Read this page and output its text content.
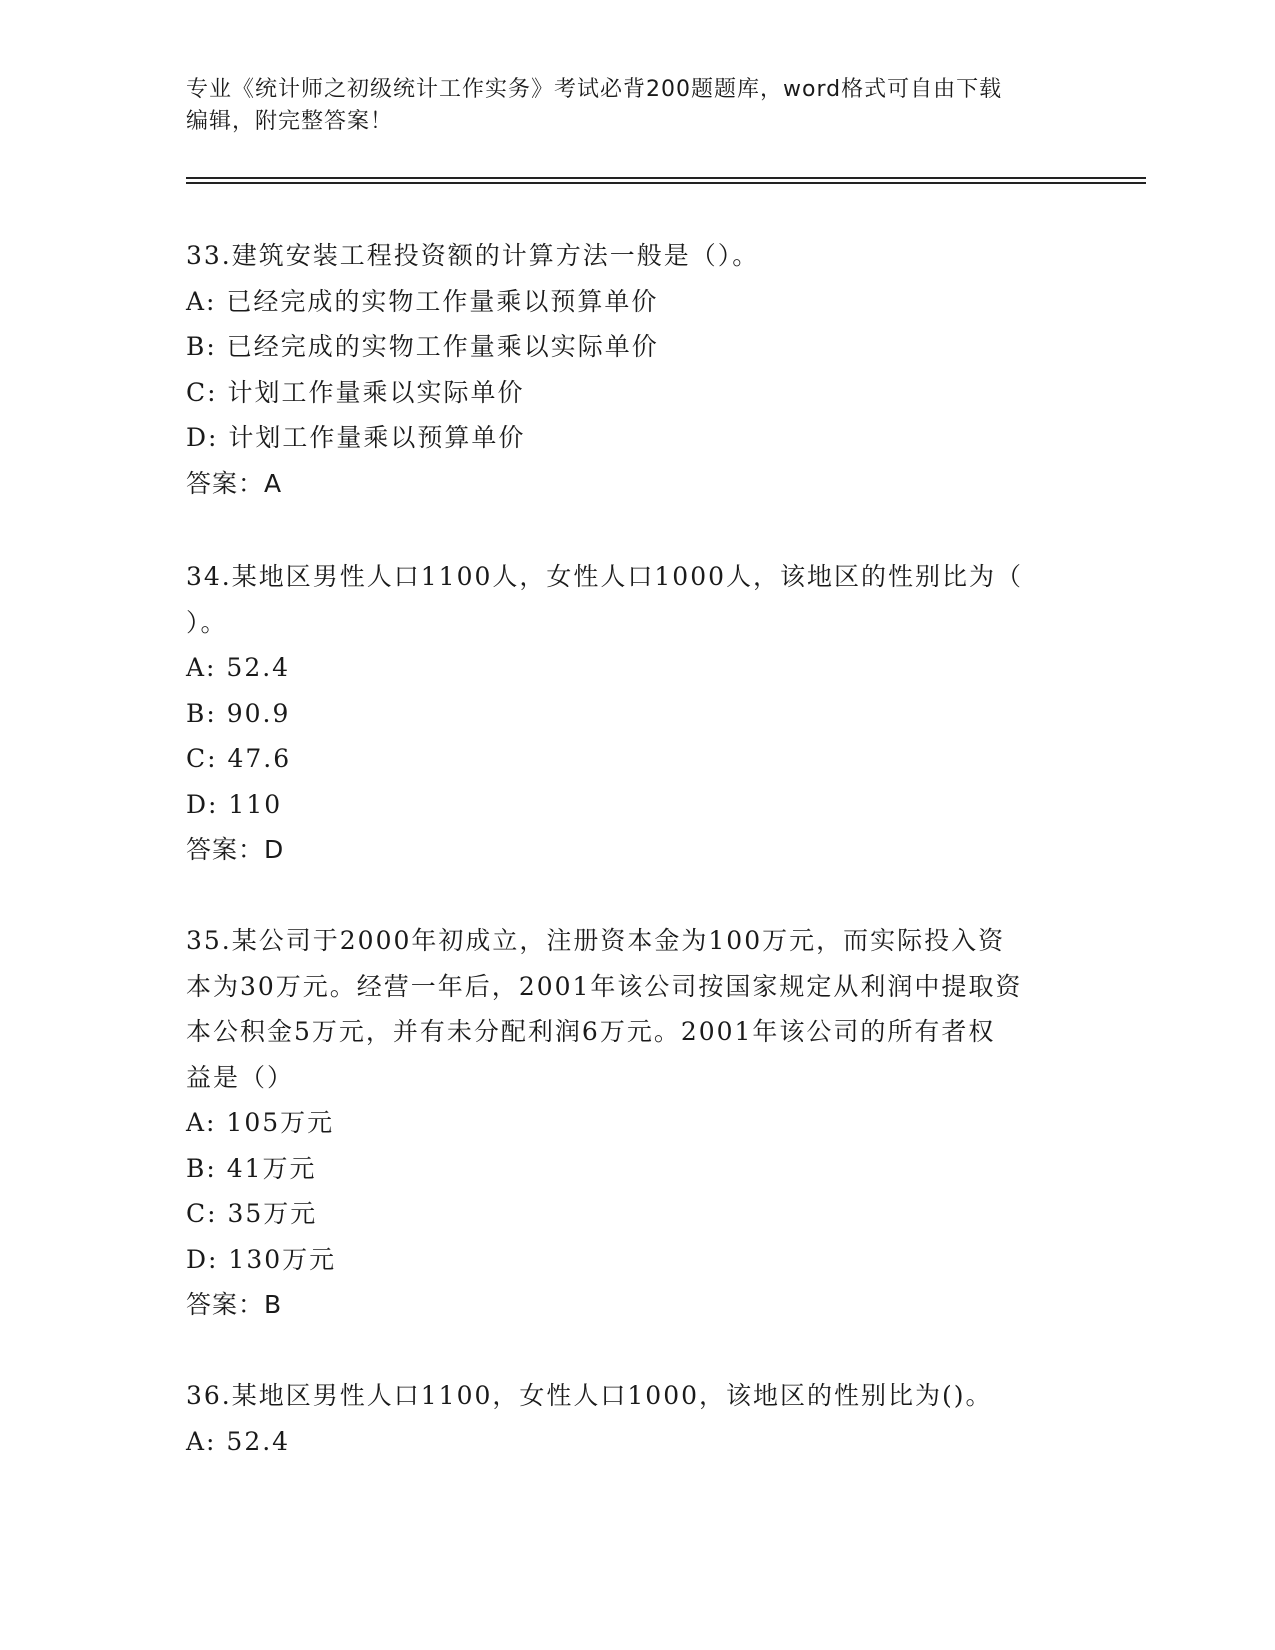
专业《统计师之初级统计工作实务》考试必背200题题库，word格式可自由下载
编辑，附完整答案！
33.建筑安装工程投资额的计算方法一般是（）。
A: 已经完成的实物工作量乘以预算单价
B: 已经完成的实物工作量乘以实际单价
C: 计划工作量乘以实际单价
D: 计划工作量乘以预算单价
答案：A
34.某地区男性人口1100人，女性人口1000人，该地区的性别比为（
）。
A: 52.4
B: 90.9
C: 47.6
D: 110
答案：D
35.某公司于2000年初成立，注册资本金为100万元，而实际投入资
本为30万元。经营一年后，2001年该公司按国家规定从利润中提取资
本公积金5万元，并有未分配利润6万元。2001年该公司的所有者权
益是（）
A: 105万元
B: 41万元
C: 35万元
D: 130万元
答案：B
36.某地区男性人口1100，女性人口1000，该地区的性别比为()。
A: 52.4
